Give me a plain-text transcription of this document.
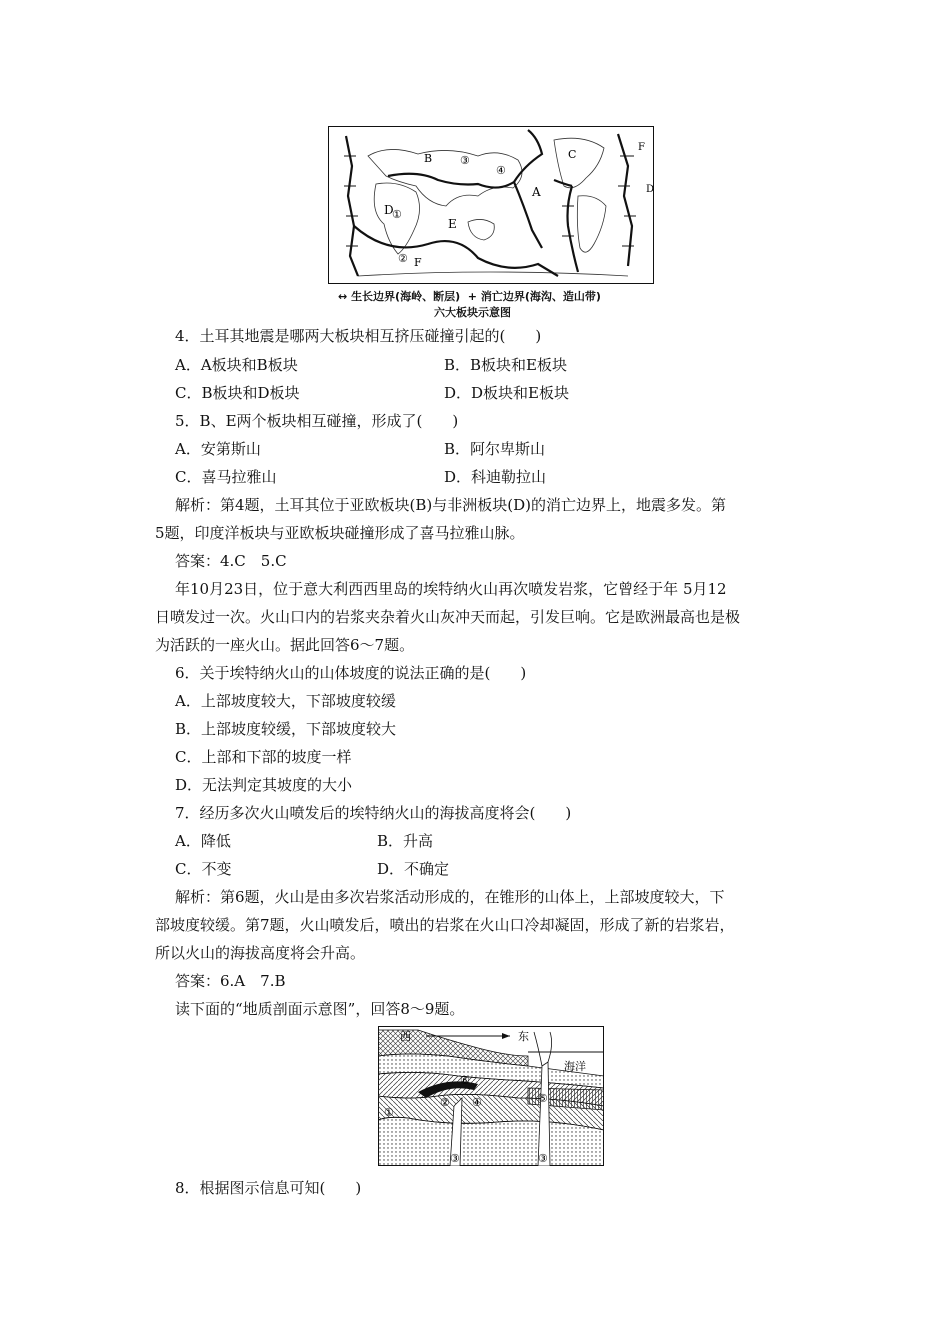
A
B	C
D
D
E
F
F
①
②
③
④
↔ 生长边界(海岭、断层) + 消亡边界(海沟、造山带)
六大板块示意图
4．土耳其地震是哪两大板块相互挤压碰撞引起的(　　)
A．A板块和B板块	B．B板块和E板块
C．B板块和D板块	D．D板块和E板块
5．B、E两个板块相互碰撞，形成了(　　)
A．安第斯山	B．阿尔卑斯山
C．喜马拉雅山	D．科迪勒拉山
解析：第4题，土耳其位于亚欧板块(B)与非洲板块(D)的消亡边界上，地震多发。第
5题，印度洋板块与亚欧板块碰撞形成了喜马拉雅山脉。
答案：4.C　5.C
年10月23日，位于意大利西西里岛的埃特纳火山再次喷发岩浆，它曾经于年 5月12
日喷发过一次。火山口内的岩浆夹杂着火山灰冲天而起，引发巨响。它是欧洲最高也是极
为活跃的一座火山。据此回答6～7题。
6．关于埃特纳火山的山体坡度的说法正确的是(　　)
A．上部坡度较大，下部坡度较缓
B．上部坡度较缓，下部坡度较大
C．上部和下部的坡度一样
D．无法判定其坡度的大小
7．经历多次火山喷发后的埃特纳火山的海拔高度将会(　　)
A．降低	B．升高
C．不变	D．不确定
解析：第6题，火山是由多次岩浆活动形成的，在锥形的山体上，上部坡度较大，下
部坡度较缓。第7题，火山喷发后，喷出的岩浆在火山口冷却凝固，形成了新的岩浆岩，
所以火山的海拔高度将会升高。
答案：6.A　7.B
读下面的“地质剖面示意图”，回答8～9题。
西	东
海洋
①
②
③
④	⑤
⑥
③
8．根据图示信息可知(　　)
